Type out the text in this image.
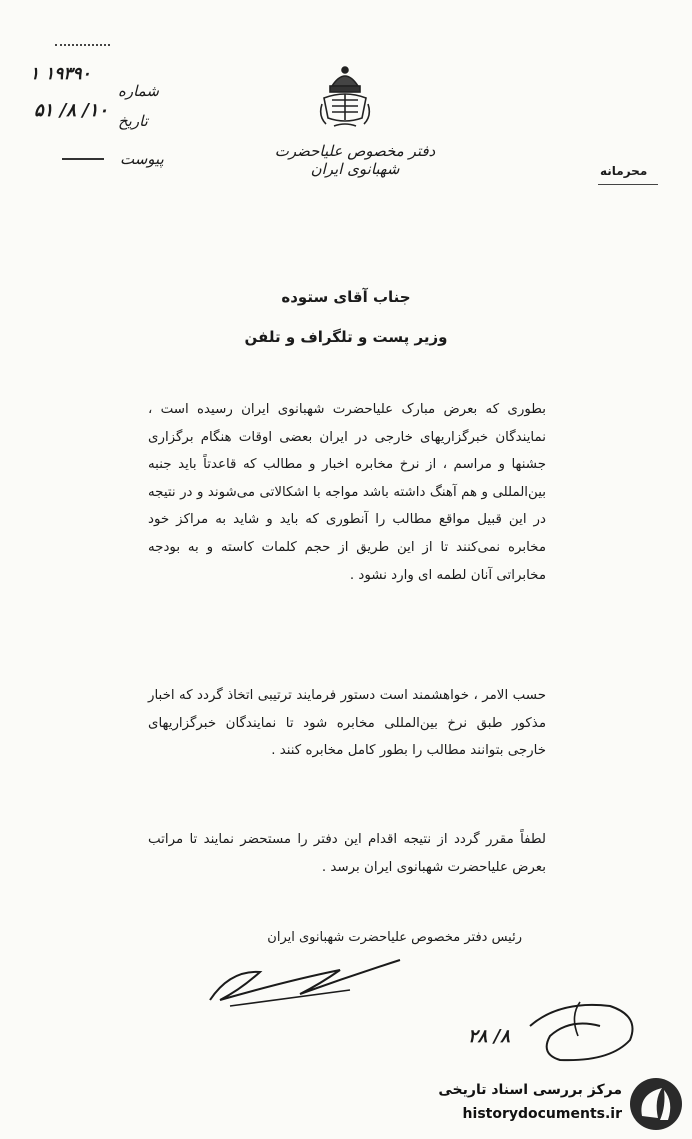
شماره
۱۹۳۹۰ ۱
تاریخ
۱۰/ ۸/ ۵۱
پیوست	دفتر مخصوص علیاحضرت شهبانوی ایران	محرمانه
جناب آقای ستوده
وزیر پست و تلگراف و تلفن
بطوری که بعرض مبارک علیاحضرت شهبانوی ایران رسیده است ، نمایندگان خبرگزاریهای خارجی در ایران بعضی اوقات هنگام برگزاری جشنها و مراسم ، از نرخ مخابره اخبار و مطالب که قاعدتاً باید جنبه بین‌المللی و هم آهنگ داشته باشد مواجه با اشکالاتی می‌شوند و در نتیجه در این قبیل مواقع مطالب را آنطوری که باید و شاید به مراکز خود مخابره نمی‌کنند تا از این طریق از حجم کلمات کاسته و به بودجه مخابراتی آنان لطمه ای وارد نشود .
حسب الامر ، خواهشمند است دستور فرمایند ترتیبی اتخاذ گردد که اخبار مذکور طبق نرخ بین‌المللی مخابره شود تا نمایندگان خبرگزاریهای خارجی بتوانند مطالب را بطور کامل مخابره کنند .
لطفاً مقرر گردد از نتیجه اقدام این دفتر را مستحضر نمایند تا مراتب بعرض علیاحضرت شهبانوی ایران برسد .
رئیس دفتر مخصوص علیاحضرت شهبانوی ایران
۸/ ۲۸
مرکز بررسی اسناد تاریخی
historydocuments.ir
